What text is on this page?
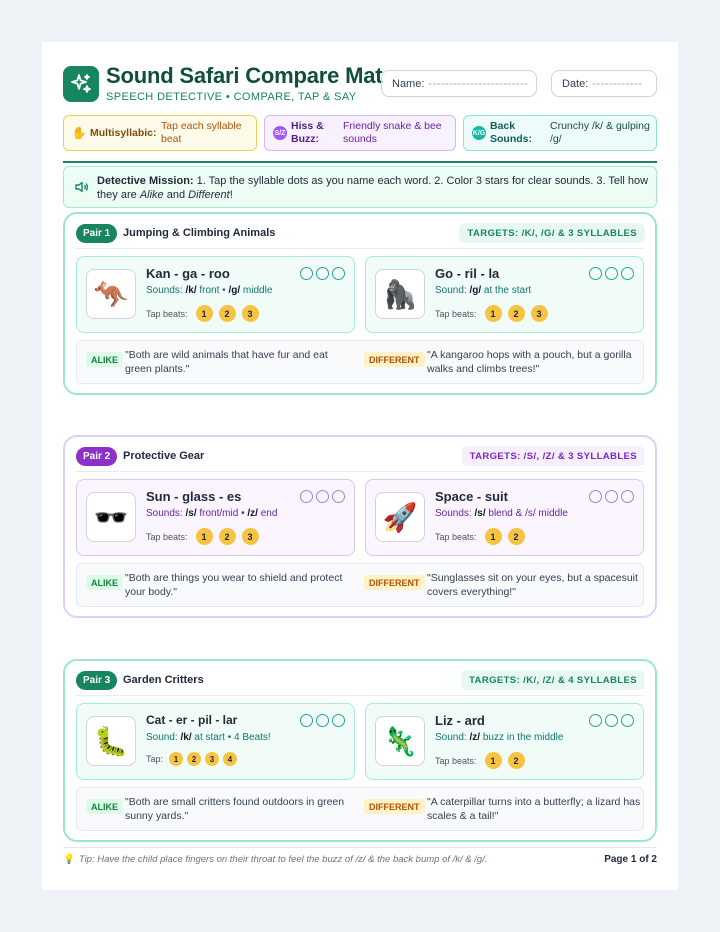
Sound Safari Compare Mat
SPEECH DETECTIVE • COMPARE, TAP & SAY
Name: ------------------------	Date: ------------
✋ Multisyllabic:
Tap each syllable beat	S/Z
Hiss & Buzz:
Friendly snake & bee sounds	K/G
Back Sounds:
Crunchy /k/ & gulping /g/
Detective Mission: 1. Tap the syllable dots as you name each word. 2. Color 3 stars for clear sounds. 3. Tell how they are Alike and Different!
Pair 1	Jumping & Climbing Animals	TARGETS: /K/, /G/ & 3 SYLLABLES
🦘
Kan - ga - roo
Sounds: /k/ front • /g/ middle
Tap beats:	1	2	3
🦍
Go - ril - la
Sound: /g/ at the start
Tap beats:	1	2	3
ALIKE "Both are wild animals that have fur and eat green plants."
DIFFERENT "A kangaroo hops with a pouch, but a gorilla walks and climbs trees!"
Pair 2	Protective Gear	TARGETS: /S/, /Z/ & 3 SYLLABLES
🕶️
Sun - glass - es
Sounds: /s/ front/mid • /z/ end
Tap beats:	1	2	3
🚀
Space - suit
Sounds: /s/ blend & /s/ middle
Tap beats:	1	2
ALIKE "Both are things you wear to shield and protect your body."
DIFFERENT "Sunglasses sit on your eyes, but a spacesuit covers everything!"
Pair 3	Garden Critters	TARGETS: /K/, /Z/ & 4 SYLLABLES
🐛
Cat - er - pil - lar
Sound: /k/ at start • 4 Beats!
Tap:	1	2	3	4
🦎
Liz - ard
Sound: /z/ buzz in the middle
Tap beats:	1	2
ALIKE "Both are small critters found outdoors in green sunny yards."
DIFFERENT "A caterpillar turns into a butterfly; a lizard has scales & a tail!"
💡 Tip: Have the child place fingers on their throat to feel the buzz of /z/ & the back bump of /k/ & /g/.	Page 1 of 2
